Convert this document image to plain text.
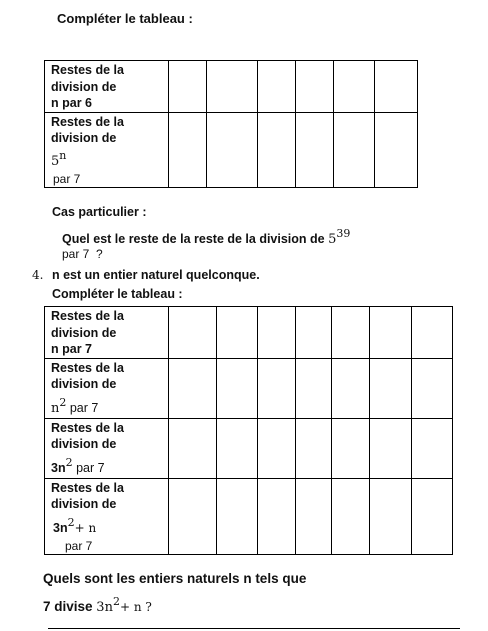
Compléter le tableau :
Restes de la
division de
n par 6						

Restes de la
division de
5$^n$
par 7						

Cas particulier :
Quel est le reste de la reste de la division de $5^{39}$
par 7  ?
4. n est un entier naturel quelconque.
Compléter le tableau :
Restes de la
division de
n par 7							

Restes de la
division de
$n^2$ par 7							

Restes de la
division de
3n2 par 7							

Restes de la
division de
3n2+ n
par 7							

Quels sont les entiers naturels n tels que
7 divise $3n^2+ n$ ?
